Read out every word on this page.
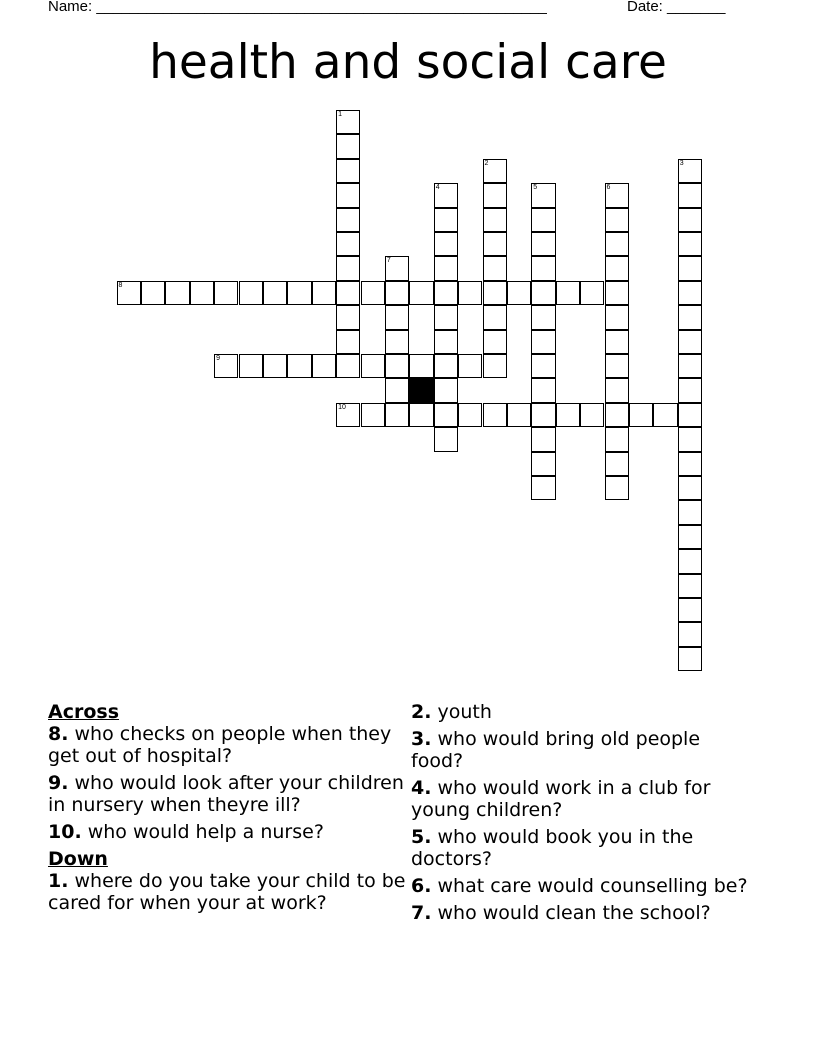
Name: ______________________________________________________	Date: _______
health and social care
8
9
10
1
2	3
4	5	6
7
Across
8. who checks on people when they get out of hospital?
9. who would look after your children in nursery when theyre ill?
10. who would help a nurse?
Down
1. where do you take your child to be cared for when your at work?
2. youth
3. who would bring old people food?
4. who would work in a club for young children?
5. who would book you in the doctors?
6. what care would counselling be?
7. who would clean the school?
